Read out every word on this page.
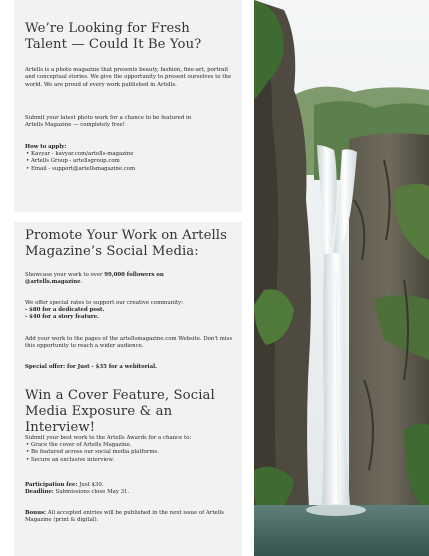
We’re Looking for Fresh Talent — Could It Be You?

Artells is a photo magazine that presents beauty, fashion, fine-art, portrait and conceptual stories. We give the opportunity to present ourselves to the world. We are proud of every work published in Artells.

Submit your latest photo work for a chance to be featured in Artells Magazine — completely free!

How to apply:

• Kavyar - kavyar.com/artells-magazine
• Artells Group - artellsgroup.com
• Email - support@artellsmagazine.com
Promote Your Work on Artells Magazine’s Social Media:

Showcase your work to over 99,000 followers on @artells.magazine.

We offer special rates to support our creative community:

- $80 for a dedicated post.

- $40 for a story feature.

Add your work to the pages of the artellsmagazine.com Website. Don't miss this opportunity to reach a wider audience.

Special offer: for Just - $35 for a webitorial.

Win a Cover Feature, Social Media Exposure & an Interview!

Submit your best work to the Artells Awards for a chance to:

• Grace the cover of Artells Magazine.
• Be featured across our social media platforms.
• Secure an exclusive interview.

Participation fee: Just $30.

Deadline: Submissions close May 31.

Bonus: All accepted entries will be published in the next issue of Artells Magazine (print & digital).
